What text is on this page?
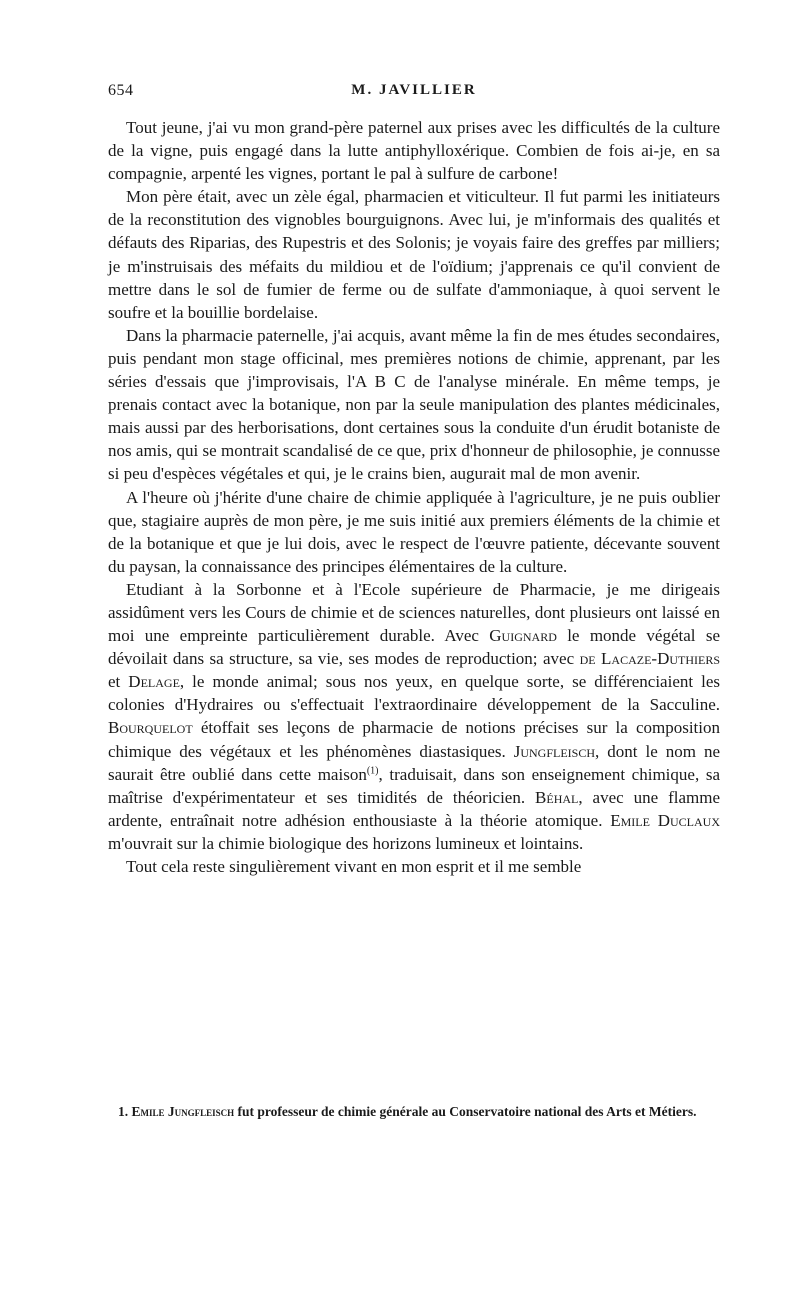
654	M. JAVILLIER

Tout jeune, j'ai vu mon grand-père paternel aux prises avec les difficultés de la culture de la vigne, puis engagé dans la lutte antiphylloxérique. Combien de fois ai-je, en sa compagnie, arpenté les vignes, portant le pal à sulfure de carbone!

Mon père était, avec un zèle égal, pharmacien et viticulteur. Il fut parmi les initiateurs de la reconstitution des vignobles bourguignons. Avec lui, je m'informais des qualités et défauts des Riparias, des Rupestris et des Solonis; je voyais faire des greffes par milliers; je m'instruisais des méfaits du mildiou et de l'oïdium; j'apprenais ce qu'il convient de mettre dans le sol de fumier de ferme ou de sulfate d'ammoniaque, à quoi servent le soufre et la bouillie bordelaise.

Dans la pharmacie paternelle, j'ai acquis, avant même la fin de mes études secondaires, puis pendant mon stage officinal, mes premières notions de chimie, apprenant, par les séries d'essais que j'improvisais, l'A B C de l'analyse minérale. En même temps, je prenais contact avec la botanique, non par la seule manipulation des plantes médicinales, mais aussi par des herborisations, dont certaines sous la conduite d'un érudit botaniste de nos amis, qui se montrait scandalisé de ce que, prix d'honneur de philosophie, je connusse si peu d'espèces végétales et qui, je le crains bien, augurait mal de mon avenir.

A l'heure où j'hérite d'une chaire de chimie appliquée à l'agriculture, je ne puis oublier que, stagiaire auprès de mon père, je me suis initié aux premiers éléments de la chimie et de la botanique et que je lui dois, avec le respect de l'œuvre patiente, décevante souvent du paysan, la connaissance des principes élémentaires de la culture.

Etudiant à la Sorbonne et à l'Ecole supérieure de Pharmacie, je me dirigeais assidûment vers les Cours de chimie et de sciences naturelles, dont plusieurs ont laissé en moi une empreinte particulièrement durable. Avec Guignard le monde végétal se dévoilait dans sa structure, sa vie, ses modes de reproduction; avec de Lacaze-Duthiers et Delage, le monde animal; sous nos yeux, en quelque sorte, se différenciaient les colonies d'Hydraires ou s'effectuait l'extraordinaire développement de la Sacculine. Bourquelot étoffait ses leçons de pharmacie de notions précises sur la composition chimique des végétaux et les phénomènes diastasiques. Jungfleisch, dont le nom ne saurait être oublié dans cette maison$^{(1)}$, traduisait, dans son enseignement chimique, sa maîtrise d'expérimentateur et ses timidités de théoricien. Béhal, avec une flamme ardente, entraînait notre adhésion enthousiaste à la théorie atomique. Emile Duclaux m'ouvrait sur la chimie biologique des horizons lumineux et lointains.

Tout cela reste singulièrement vivant en mon esprit et il me semble

1. Emile Jungfleisch fut professeur de chimie générale au Conservatoire national des Arts et Métiers.
